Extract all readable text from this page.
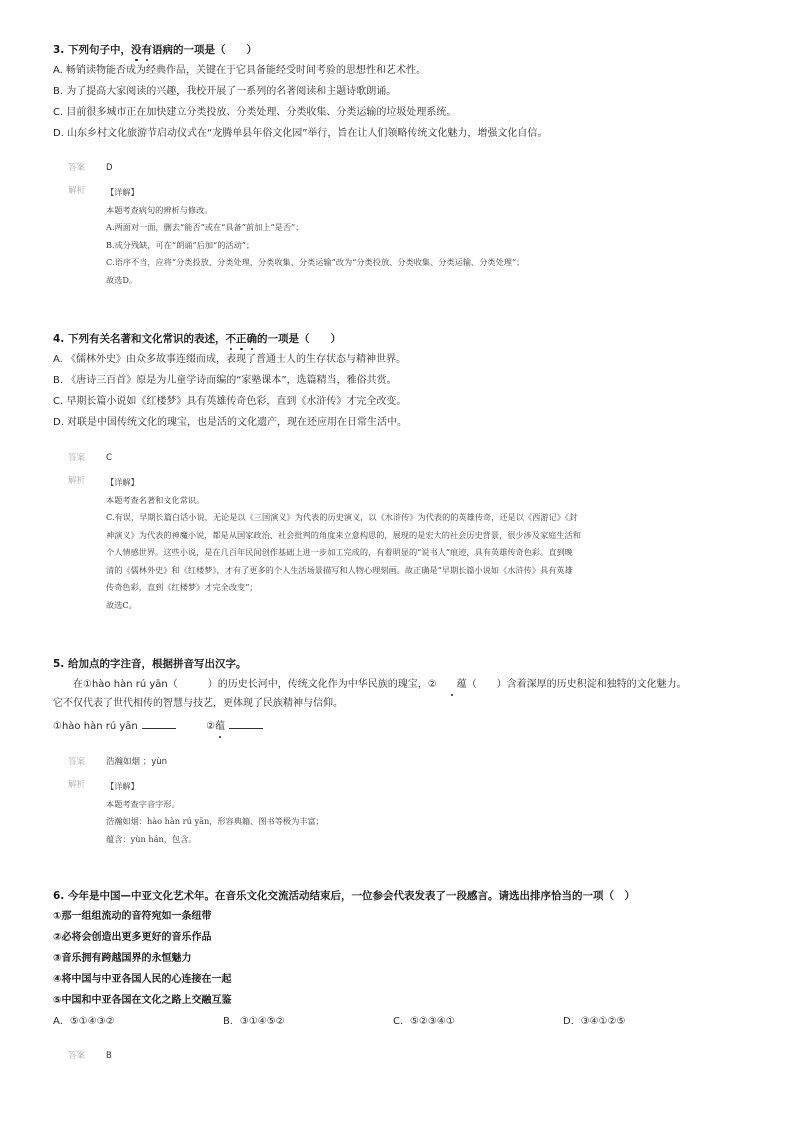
3. 下列句子中，没有语病的一项是（　　）
A. 畅销读物能否成为经典作品，关键在于它具备能经受时间考验的思想性和艺术性。
B. 为了提高大家阅读的兴趣，我校开展了一系列的名著阅读和主题诗歌朗诵。
C. 目前很多城市正在加快建立分类投放、分类处理、分类收集、分类运输的垃圾处理系统。
D. 山东乡村文化旅游节启动仪式在“龙腾单县年俗文化园”举行，旨在让人们领略传统文化魅力，增强文化自信。
答案	D
解析	【详解】
本题考查病句的辨析与修改。
A.两面对一面，删去“能否”或在“具备”前加上“是否”；
B.成分残缺，可在“朗诵”后加“的活动”；
C.语序不当，应将“分类投放、分类处理、分类收集、分类运输”改为“分类投放、分类收集、分类运输、分类处理”；
故选D。
4. 下列有关名著和文化常识的表述，不正确的一项是（　　）
A. 《儒林外史》由众多故事连缀而成，表现了普通士人的生存状态与精神世界。
B. 《唐诗三百首》原是为儿童学诗而编的“家塾课本”，选篇精当，雅俗共赏。
C. 早期长篇小说如《红楼梦》具有英雄传奇色彩，直到《水浒传》才完全改变。
D. 对联是中国传统文化的瑰宝，也是活的文化遗产，现在还应用在日常生活中。
答案	C
解析	【详解】
本题考查名著和文化常识。
C.有误，早期长篇白话小说，无论是以《三国演义》为代表的历史演义，以《水浒传》为代表的的英雄传奇，还是以《西游记》《封
神演义》为代表的神魔小说，都是从国家政治、社会批判的角度来立意构思的，展现的是宏大的社会历史背景，很少涉及家庭生活和
个人情感世界。这些小说，是在几百年民间创作基础上进一步加工完成的，有着明显的“说书人”痕迹，具有英雄传奇色彩。直到晚
清的《儒林外史》和《红楼梦》，才有了更多的个人生活场景描写和人物心理刻画。故正确是“早期长篇小说如《水浒传》具有英雄
传奇色彩，直到《红楼梦》才完全改变”；
故选C。
5. 给加点的字注音，根据拼音写出汉字。
在①hào hàn rú yān（　　　）的历史长河中，传统文化作为中华民族的瑰宝，② 蕴（　　）含着深厚的历史积淀和独特的文化魅力。
它不仅代表了世代相传的智慧与技艺，更体现了民族精神与信仰。
①hào hàn rú yān	②蕴
答案	浩瀚如烟 ；yùn
解析	【详解】
本题考查字音字形。
浩瀚如烟：hào hàn rú yān，形容典籍、图书等极为丰富；
蕴含：yùn hán，包含。
6. 今年是中国—中亚文化艺术年。在音乐文化交流活动结束后，一位参会代表发表了一段感言。请选出排序恰当的一项（　）
①那一组组流动的音符宛如一条纽带
②必将会创造出更多更好的音乐作品
③音乐拥有跨越国界的永恒魅力
④将中国与中亚各国人民的心连接在一起
⑤中国和中亚各国在文化之路上交融互鉴
A．⑤①④③②	B．③①④⑤②	C．⑤②③④①	D．③④①②⑤
答案	B
